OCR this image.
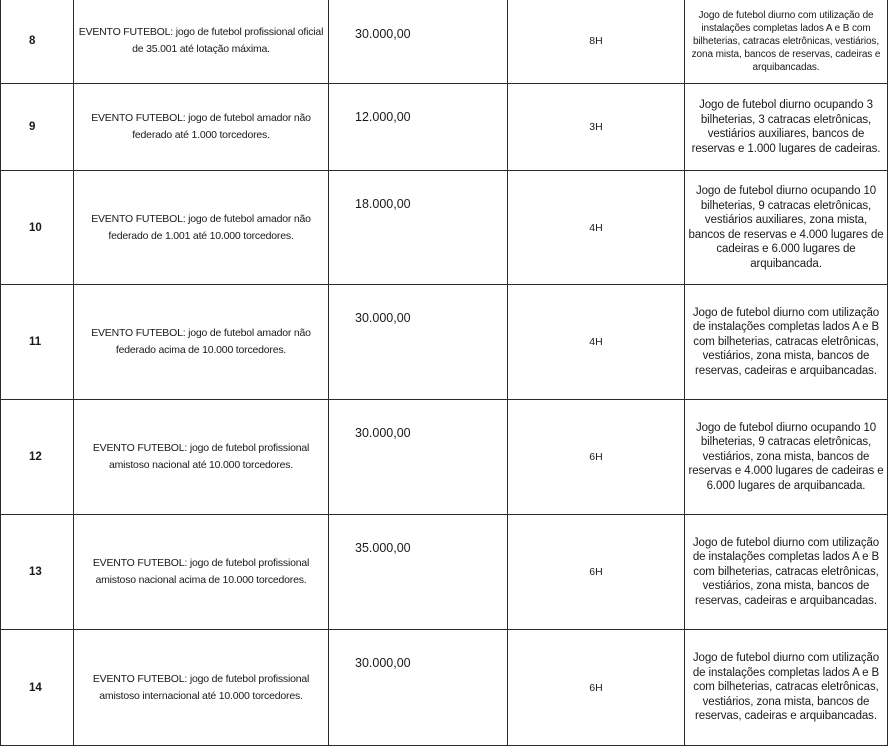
8	EVENTO FUTEBOL: jogo de futebol profissional oficial de 35.001 até lotação máxima.	30.000,00	8H	Jogo de futebol diurno com utilização de instalações completas lados A e B com bilheterias, catracas eletrônicas, vestiários, zona mista, bancos de reservas, cadeiras e arquibancadas.
9	EVENTO FUTEBOL: jogo de futebol amador não federado até 1.000 torcedores.	12.000,00	3H	Jogo de futebol diurno ocupando 3 bilheterias, 3 catracas eletrônicas, vestiários auxiliares, bancos de reservas e 1.000 lugares de cadeiras.
10	EVENTO FUTEBOL: jogo de futebol amador não federado de 1.001 até 10.000 torcedores.	18.000,00	4H	Jogo de futebol diurno ocupando 10 bilheterias, 9 catracas eletrônicas, vestiários auxiliares, zona mista, bancos de reservas e 4.000 lugares de cadeiras e 6.000 lugares de arquibancada.
11	EVENTO FUTEBOL: jogo de futebol amador não federado acima de 10.000 torcedores.	30.000,00	4H	Jogo de futebol diurno com utilização de instalações completas lados A e B com bilheterias, catracas eletrônicas, vestiários, zona mista, bancos de reservas, cadeiras e arquibancadas.
12	EVENTO FUTEBOL: jogo de futebol profissional amistoso nacional até 10.000 torcedores.	30.000,00	6H	Jogo de futebol diurno ocupando 10 bilheterias, 9 catracas eletrônicas, vestiários, zona mista, bancos de reservas e 4.000 lugares de cadeiras e 6.000 lugares de arquibancada.
13	EVENTO FUTEBOL: jogo de futebol profissional amistoso nacional acima de 10.000 torcedores.	35.000,00	6H	Jogo de futebol diurno com utilização de instalações completas lados A e B com bilheterias, catracas eletrônicas, vestiários, zona mista, bancos de reservas, cadeiras e arquibancadas.
14	EVENTO FUTEBOL: jogo de futebol profissional amistoso internacional até 10.000 torcedores.	30.000,00	6H	Jogo de futebol diurno com utilização de instalações completas lados A e B com bilheterias, catracas eletrônicas, vestiários, zona mista, bancos de reservas, cadeiras e arquibancadas.
